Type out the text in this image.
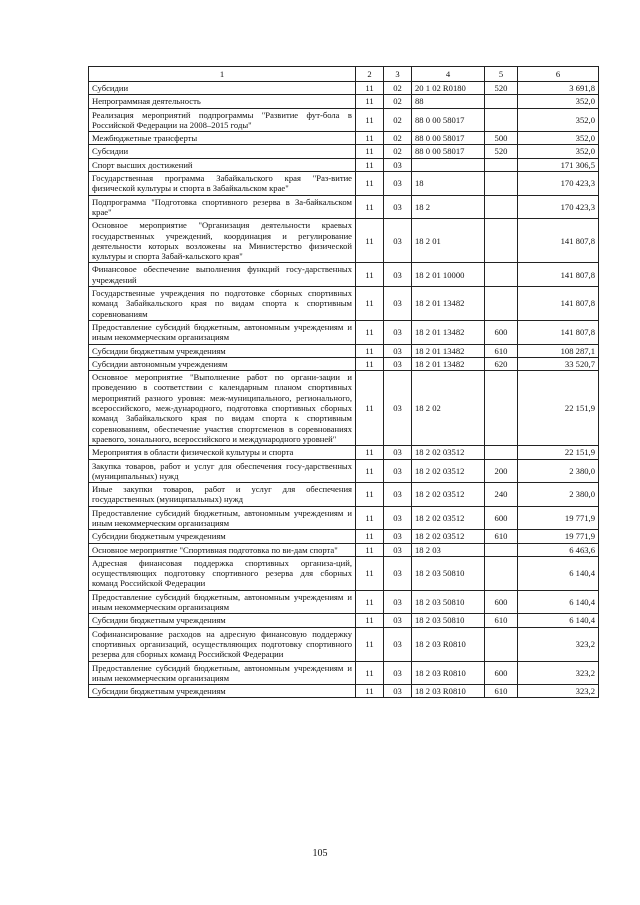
1	2	3	4	5	6
Субсидии	11	02	20 1 02 R0180	520	3 691,8
Непрограммная деятельность	11	02	88		352,0
Реализация мероприятий подпрограммы "Развитие фут-бола в Российской Федерации на 2008–2015 годы"	11	02	88 0 00 58017		352,0
Межбюджетные трансферты	11	02	88 0 00 58017	500	352,0
Субсидии	11	02	88 0 00 58017	520	352,0
Спорт высших достижений	11	03			171 306,5
Государственная программа Забайкальского края "Раз-витие физической культуры и спорта в Забайкальском крае"	11	03	18		170 423,3
Подпрограмма "Подготовка спортивного резерва в За-байкальском крае"	11	03	18 2		170 423,3
Основное мероприятие "Организация деятельности краевых государственных учреждений, координация и регулирование деятельности которых возложены на Министерство физической культуры и спорта Забай-кальского края"	11	03	18 2 01		141 807,8
Финансовое обеспечение выполнения функций госу-дарственных учреждений	11	03	18 2 01 10000		141 807,8
Государственные учреждения по подготовке сборных спортивных команд Забайкальского края по видам спорта к спортивным соревнованиям	11	03	18 2 01 13482		141 807,8
Предоставление субсидий бюджетным, автономным учреждениям и иным некоммерческим организациям	11	03	18 2 01 13482	600	141 807,8
Субсидии бюджетным учреждениям	11	03	18 2 01 13482	610	108 287,1
Субсидии автономным учреждениям	11	03	18 2 01 13482	620	33 520,7
Основное мероприятие "Выполнение работ по органи-зации и проведению в соответствии с календарным планом спортивных мероприятий разного уровня: меж-муниципального, регионального, всероссийского, меж-дународного, подготовка спортивных сборных команд Забайкальского края по видам спорта к спортивным соревнованиям, обеспечение участия спортсменов в соревнованиях краевого, зонального, всероссийского и международного уровней"	11	03	18 2 02		22 151,9
Мероприятия в области физической культуры и спорта	11	03	18 2 02 03512		22 151,9
Закупка товаров, работ и услуг для обеспечения госу-дарственных (муниципальных) нужд	11	03	18 2 02 03512	200	2 380,0
Иные закупки товаров, работ и услуг для обеспечения государственных (муниципальных) нужд	11	03	18 2 02 03512	240	2 380,0
Предоставление субсидий бюджетным, автономным учреждениям и иным некоммерческим организациям	11	03	18 2 02 03512	600	19 771,9
Субсидии бюджетным учреждениям	11	03	18 2 02 03512	610	19 771,9
Основное мероприятие "Спортивная подготовка по ви-дам спорта"	11	03	18 2 03		6 463,6
Адресная финансовая поддержка спортивных организа-ций, осуществляющих подготовку спортивного резерва для сборных команд Российской Федерации	11	03	18 2 03 50810		6 140,4
Предоставление субсидий бюджетным, автономным учреждениям и иным некоммерческим организациям	11	03	18 2 03 50810	600	6 140,4
Субсидии бюджетным учреждениям	11	03	18 2 03 50810	610	6 140,4
Софинансирование расходов на адресную финансовую поддержку спортивных организаций, осуществляющих подготовку спортивного резерва для сборных команд Российской Федерации	11	03	18 2 03 R0810		323,2
Предоставление субсидий бюджетным, автономным учреждениям и иным некоммерческим организациям	11	03	18 2 03 R0810	600	323,2
Субсидии бюджетным учреждениям	11	03	18 2 03 R0810	610	323,2
105
